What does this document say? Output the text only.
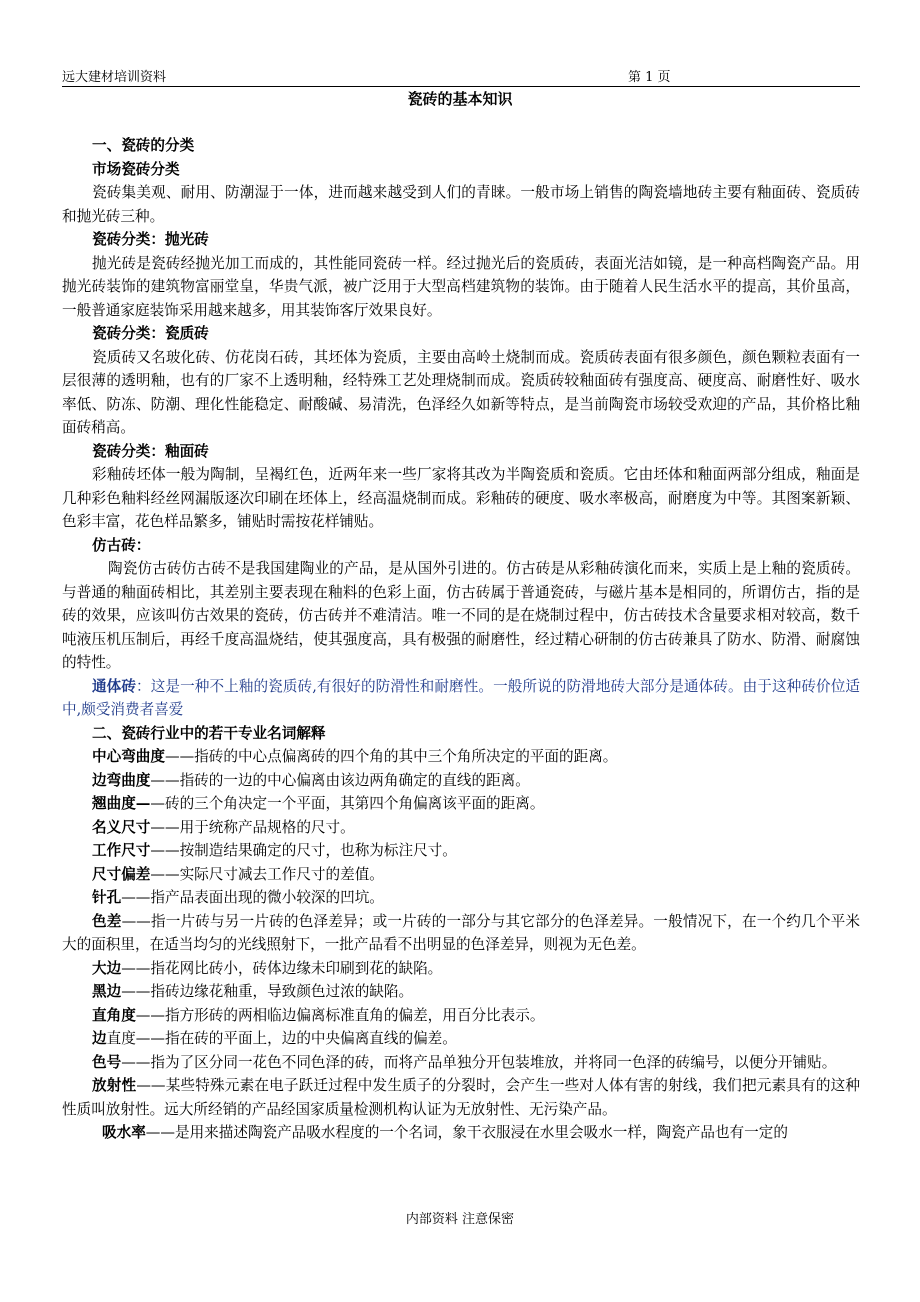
远大建材培训资料	第 1 页
瓷砖的基本知识

一、瓷砖的分类

市场瓷砖分类

瓷砖集美观、耐用、防潮湿于一体，进而越来越受到人们的青睐。一般市场上销售的陶瓷墙地砖主要有釉面砖、瓷质砖和抛光砖三种。

瓷砖分类：抛光砖

抛光砖是瓷砖经抛光加工而成的，其性能同瓷砖一样。经过抛光后的瓷质砖，表面光洁如镜，是一种高档陶瓷产品。用抛光砖装饰的建筑物富丽堂皇，华贵气派，被广泛用于大型高档建筑物的装饰。由于随着人民生活水平的提高，其价虽高，一般普通家庭装饰采用越来越多，用其装饰客厅效果良好。

瓷砖分类：瓷质砖

瓷质砖又名玻化砖、仿花岗石砖，其坯体为瓷质，主要由高岭土烧制而成。瓷质砖表面有很多颜色，颜色颗粒表面有一层很薄的透明釉，也有的厂家不上透明釉，经特殊工艺处理烧制而成。瓷质砖较釉面砖有强度高、硬度高、耐磨性好、吸水率低、防冻、防潮、理化性能稳定、耐酸碱、易清洗，色泽经久如新等特点，是当前陶瓷市场较受欢迎的产品，其价格比釉面砖稍高。

瓷砖分类：釉面砖

彩釉砖坯体一般为陶制，呈褐红色，近两年来一些厂家将其改为半陶瓷质和瓷质。它由坯体和釉面两部分组成，釉面是几种彩色釉料经丝网漏版逐次印刷在坯体上，经高温烧制而成。彩釉砖的硬度、吸水率极高，耐磨度为中等。其图案新颖、色彩丰富，花色样品繁多，铺贴时需按花样铺贴。

仿古砖：

陶瓷仿古砖仿古砖不是我国建陶业的产品，是从国外引进的。仿古砖是从彩釉砖演化而来，实质上是上釉的瓷质砖。与普通的釉面砖相比，其差别主要表现在釉料的色彩上面，仿古砖属于普通瓷砖，与磁片基本是相同的，所谓仿古，指的是砖的效果，应该叫仿古效果的瓷砖，仿古砖并不难清洁。唯一不同的是在烧制过程中，仿古砖技术含量要求相对较高，数千吨液压机压制后，再经千度高温烧结，使其强度高，具有极强的耐磨性，经过精心研制的仿古砖兼具了防水、防滑、耐腐蚀的特性。

通体砖：这是一种不上釉的瓷质砖,有很好的防滑性和耐磨性。一般所说的防滑地砖大部分是通体砖。由于这种砖价位适中,颇受消费者喜爱

二、瓷砖行业中的若干专业名词解释

中心弯曲度——指砖的中心点偏离砖的四个角的其中三个角所决定的平面的距离。

边弯曲度——指砖的一边的中心偏离由该边两角确定的直线的距离。

翘曲度——砖的三个角决定一个平面，其第四个角偏离该平面的距离。

名义尺寸——用于统称产品规格的尺寸。

工作尺寸——按制造结果确定的尺寸，也称为标注尺寸。

尺寸偏差——实际尺寸减去工作尺寸的差值。

针孔——指产品表面出现的微小较深的凹坑。

色差——指一片砖与另一片砖的色泽差异；或一片砖的一部分与其它部分的色泽差异。一般情况下，在一个约几个平米大的面积里，在适当均匀的光线照射下，一批产品看不出明显的色泽差异，则视为无色差。

大边——指花网比砖小，砖体边缘未印刷到花的缺陷。

黑边——指砖边缘花釉重，导致颜色过浓的缺陷。

直角度——指方形砖的两相临边偏离标准直角的偏差，用百分比表示。

边直度——指在砖的平面上，边的中央偏离直线的偏差。

色号——指为了区分同一花色不同色泽的砖，而将产品单独分开包装堆放，并将同一色泽的砖编号，以便分开铺贴。

放射性——某些特殊元素在电子跃迁过程中发生质子的分裂时，会产生一些对人体有害的射线，我们把元素具有的这种性质叫放射性。远大所经销的产品经国家质量检测机构认证为无放射性、无污染产品。

吸水率——是用来描述陶瓷产品吸水程度的一个名词，象干衣服浸在水里会吸水一样，陶瓷产品也有一定的

内部资料 注意保密
